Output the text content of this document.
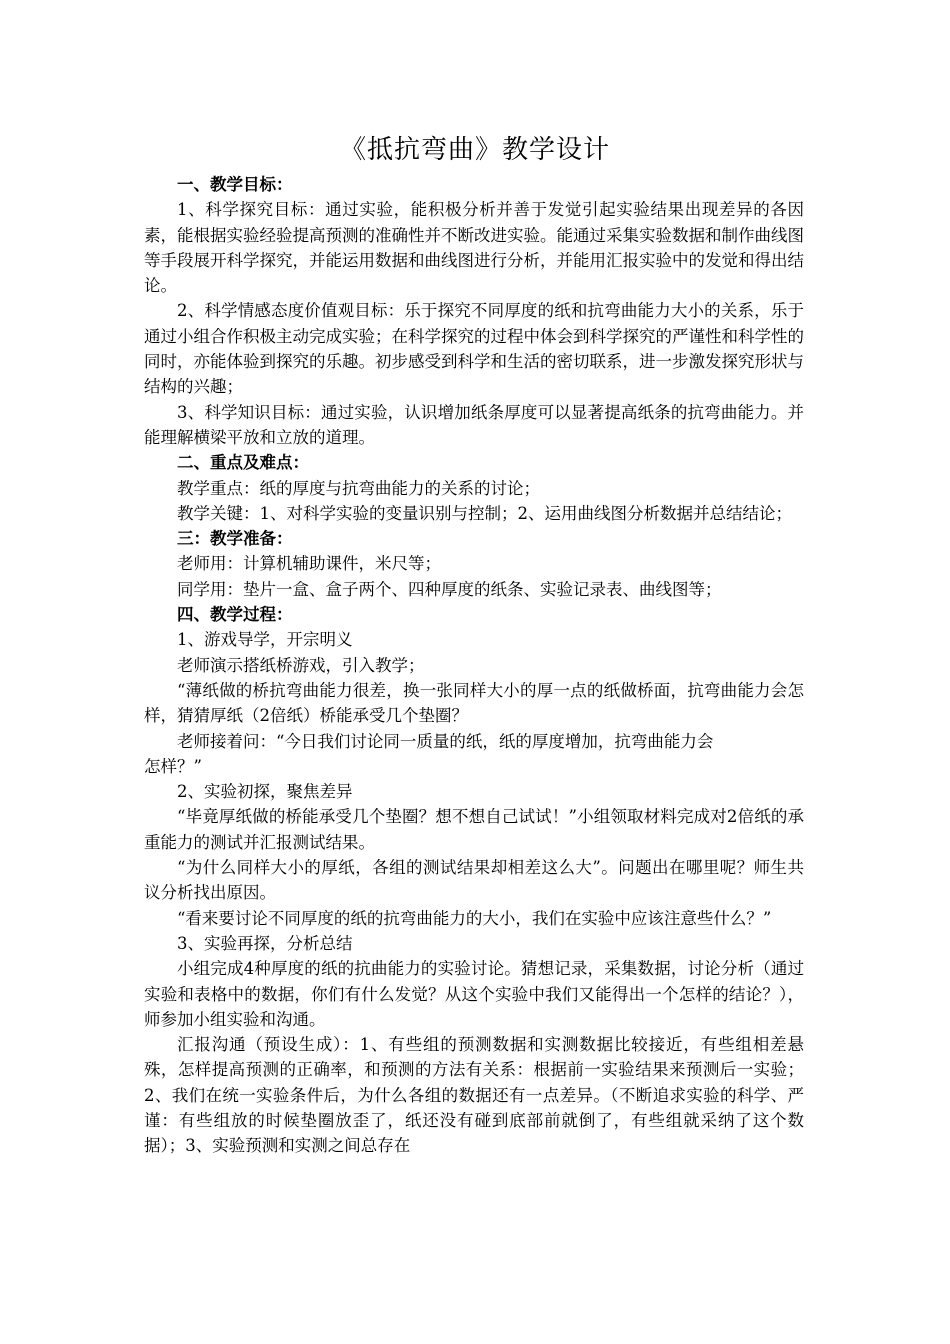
《抵抗弯曲》教学设计

一、教学目标：

1、科学探究目标：通过实验，能积极分析并善于发觉引起实验结果出现差异的各因素，能根据实验经验提高预测的准确性并不断改进实验。能通过采集实验数据和制作曲线图等手段展开科学探究，并能运用数据和曲线图进行分析，并能用汇报实验中的发觉和得出结论。

2、科学情感态度价值观目标：乐于探究不同厚度的纸和抗弯曲能力大小的关系，乐于通过小组合作积极主动完成实验；在科学探究的过程中体会到科学探究的严谨性和科学性的同时，亦能体验到探究的乐趣。初步感受到科学和生活的密切联系，进一步激发探究形状与结构的兴趣；

3、科学知识目标：通过实验，认识增加纸条厚度可以显著提高纸条的抗弯曲能力。并能理解横梁平放和立放的道理。

二、重点及难点：

教学重点：纸的厚度与抗弯曲能力的关系的讨论；

教学关键：1、对科学实验的变量识别与控制；2、运用曲线图分析数据并总结结论；

三：教学准备：

老师用：计算机辅助课件，米尺等；

同学用：垫片一盒、盒子两个、四种厚度的纸条、实验记录表、曲线图等；

四、教学过程：

1、游戏导学，开宗明义

老师演示搭纸桥游戏，引入教学；

“薄纸做的桥抗弯曲能力很差，换一张同样大小的厚一点的纸做桥面，抗弯曲能力会怎样，猜猜厚纸（2倍纸）桥能承受几个垫圈？

老师接着问：“今日我们讨论同一质量的纸，纸的厚度增加，抗弯曲能力会

怎样？”

2、实验初探，聚焦差异

“毕竟厚纸做的桥能承受几个垫圈？想不想自己试试！”小组领取材料完成对2倍纸的承重能力的测试并汇报测试结果。

“为什么同样大小的厚纸，各组的测试结果却相差这么大”。问题出在哪里呢？师生共议分析找出原因。

“看来要讨论不同厚度的纸的抗弯曲能力的大小，我们在实验中应该注意些什么？”

3、实验再探，分析总结

小组完成4种厚度的纸的抗曲能力的实验讨论。猜想记录，采集数据，讨论分析（通过实验和表格中的数据，你们有什么发觉？从这个实验中我们又能得出一个怎样的结论？），师参加小组实验和沟通。

汇报沟通（预设生成）：1、有些组的预测数据和实测数据比较接近，有些组相差悬殊，怎样提高预测的正确率，和预测的方法有关系：根据前一实验结果来预测后一实验；2、我们在统一实验条件后，为什么各组的数据还有一点差异。（不断追求实验的科学、严谨：有些组放的时候垫圈放歪了，纸还没有碰到底部前就倒了，有些组就采纳了这个数据）；3、实验预测和实测之间总存在
